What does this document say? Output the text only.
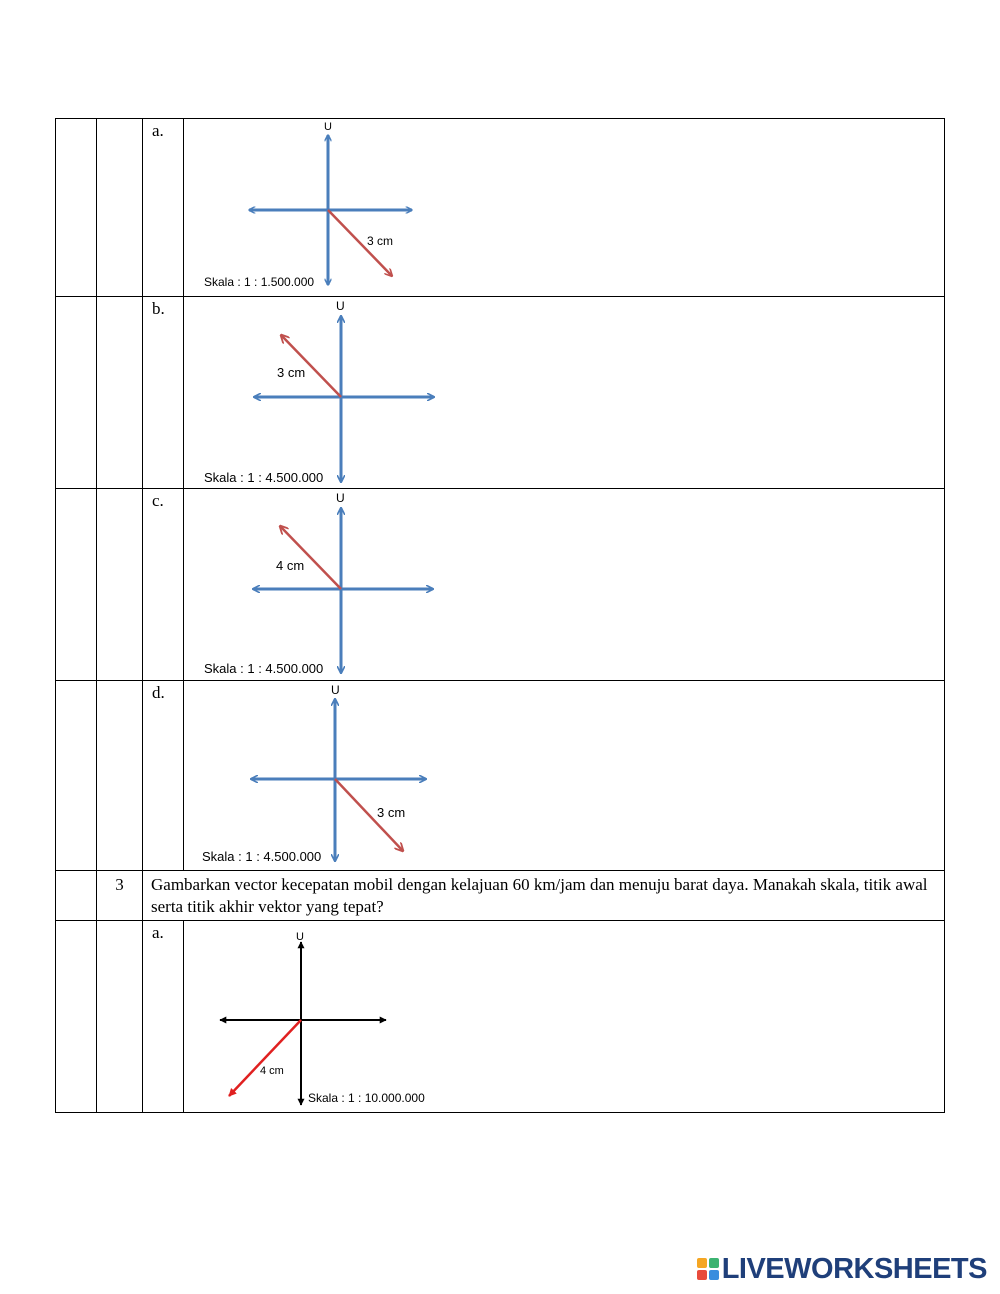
		a.	U
3 cm
Skala : 1 : 1.500.000

		b.	U
3 cm
Skala : 1 : 4.500.000

		c.	U
4 cm
Skala : 1 : 4.500.000

		d.	U
3 cm
Skala : 1 : 4.500.000

	3	Gambarkan vector kecepatan mobil dengan kelajuan 60 km/jam dan menuju barat daya. Manakah skala, titik awal serta titik akhir vektor yang tepat?	

		a.	U
4 cm
Skala : 1 : 10.000.000
LIVEWORKSHEETS
